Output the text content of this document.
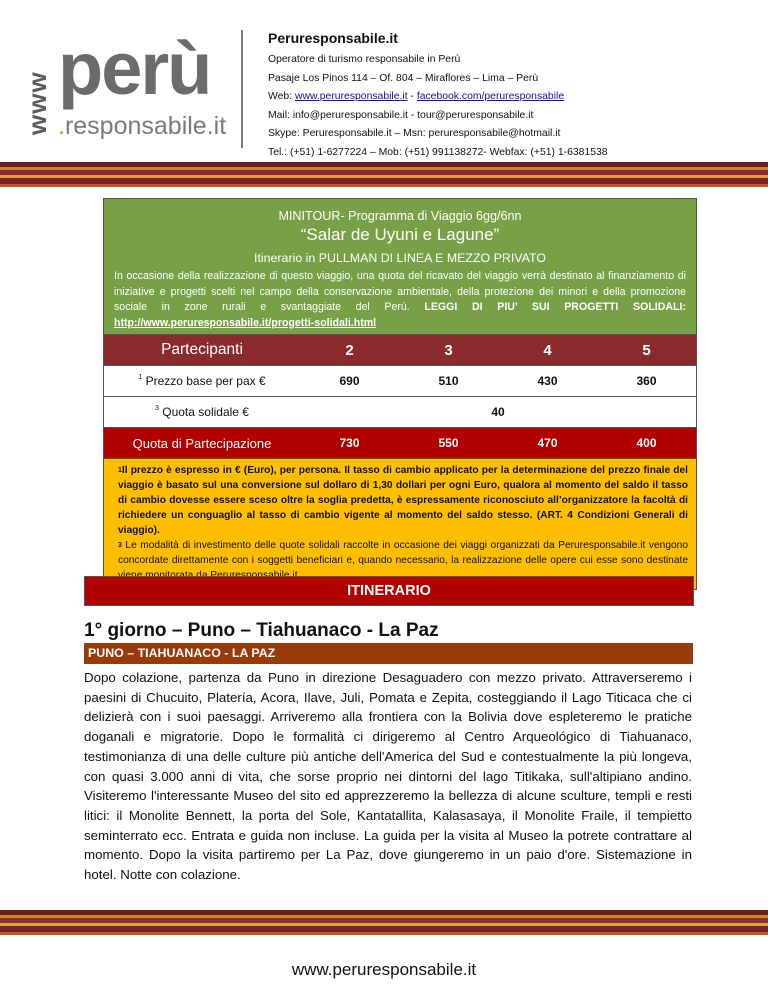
www perù
.responsabile.it
Peruresponsabile.it
Operatore di turismo responsabile in Perù
Pasaje Los Pinos 114 – Of. 804 – Miraflores – Lima – Perù
Web: www.peruresponsabile.it - facebook.com/peruresponsabile
Mail: info@peruresponsabile.it - tour@peruresponsabile.it
Skype: Peruresponsabile.it – Msn: peruresponsabile@hotmail.it
Tel.: (+51) 1-6277224 – Mob: (+51) 991138272- Webfax: (+51) 1-6381538
MINITOUR- Programma di Viaggio 6gg/6nn
“Salar de Uyuni e Lagune”
Itinerario in PULLMAN DI LINEA E MEZZO PRIVATO
In occasione della realizzazione di questo viaggio, una quota del ricavato del viaggio verrà destinato al finanziamento di iniziative e progetti scelti nel campo della conservazione ambientale, della protezione dei minori e della promozione sociale in zone rurali e svantaggiate del Perù. LEGGI DI PIU’ SUI PROGETTI SOLIDALI: http://www.peruresponsabile.it/progetti-solidali.html
Partecipanti	2	3	4	5
$^1$ Prezzo base per pax €	690	510	430	360
$^3$ Quota solidale €	40
Quota di Partecipazione	730	550	470	400
$^1$Il prezzo è espresso in € (Euro), per persona. Il tasso di cambio applicato per la determinazione del prezzo finale del viaggio è basato sul una conversione sul dollaro di 1,30 dollari per ogni Euro, qualora al momento del saldo il tasso di cambio dovesse essere sceso oltre la soglia predetta, è espressamente riconosciuto all’organizzatore la facoltà di richiedere un conguaglio al tasso di cambio vigente al momento del saldo stesso. (ART. 4 Condizioni Generali di viaggio).
$^3$ Le modalità di investimento delle quote solidali raccolte in occasione dei viaggi organizzati da Peruresponsabile.it vengono concordate direttamente con i soggetti beneficiari e, quando necessario, la realizzazione delle opere cui esse sono destinate
ITINERARIO
1° giorno – Puno – Tiahuanaco - La Paz
PUNO – TIAHUANACO - LA PAZ
Dopo colazione, partenza da Puno in direzione Desaguadero con mezzo privato. Attraverseremo i paesini di Chucuito, Platería, Acora, Ilave, Juli, Pomata e Zepita, costeggiando il Lago Titicaca che ci delizierà con i suoi paesaggi. Arriveremo alla frontiera con la Bolivia dove espleteremo le pratiche doganali e migratorie. Dopo le formalità ci dirigeremo al Centro Arqueológico di Tiahuanaco, testimonianza di una delle culture più antiche dell'America del Sud e contestualmente la più longeva, con quasi 3.000 anni di vita, che sorse proprio nei dintorni del lago Titikaka, sull'altipiano andino. Visiteremo l'interessante Museo del sito ed apprezzeremo la bellezza di alcune sculture, templi e resti litici: il Monolite Bennett, la porta del Sole, Kantatallita, Kalasasaya, il Monolite Fraile, il tempietto seminterrato ecc. Entrata e guida non incluse. La guida per la visita al Museo la potrete contrattare al momento. Dopo la visita partiremo per La Paz, dove giungeremo in un paio d'ore. Sistemazione in hotel. Notte con colazione.
www.peruresponsabile.it
